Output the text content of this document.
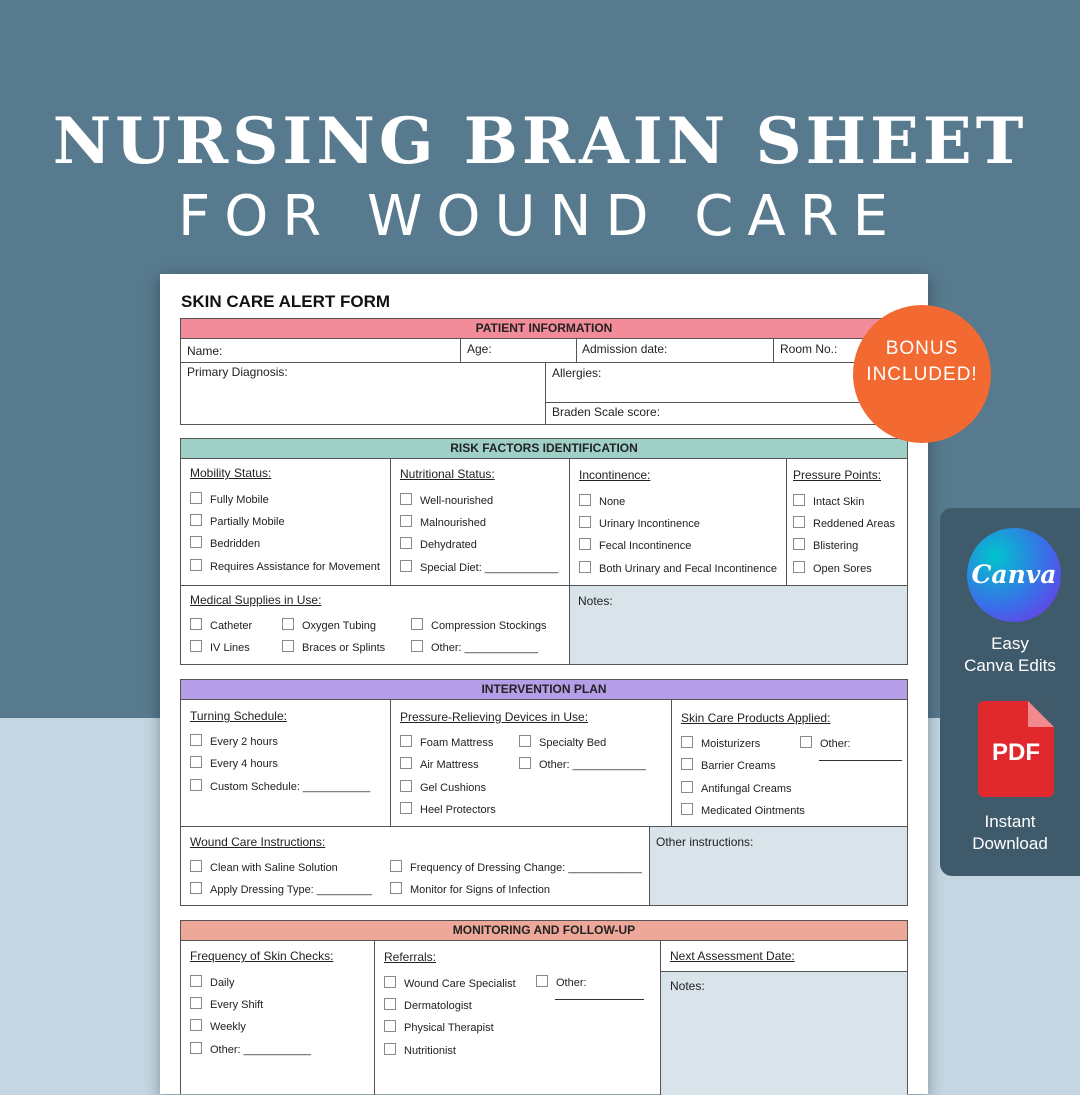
NURSING BRAIN SHEET
FOR WOUND CARE
SKIN CARE ALERT FORM
PATIENT INFORMATION
Name:	Age:	Admission date:	Room No.:
Primary Diagnosis:	Allergies:
Braden Scale score:
RISK FACTORS IDENTIFICATION
Mobility Status:
Fully Mobile
Partially Mobile
Bedridden
Requires Assistance for Movement
Nutritional Status:
Well-nourished
Malnourished
Dehydrated
Special Diet: ____________
Incontinence:
None
Urinary Incontinence
Fecal Incontinence
Both Urinary and Fecal Incontinence
Pressure Points:
Intact Skin
Reddened Areas
Blistering
Open Sores
Medical Supplies in Use:
Catheter
IV Lines
Oxygen Tubing
Braces or Splints
Compression Stockings
Other: ____________
Notes:
INTERVENTION PLAN
Turning Schedule:
Every 2 hours
Every 4 hours
Custom Schedule: ___________
Pressure-Relieving Devices in Use:
Foam Mattress
Air Mattress
Gel Cushions
Heel Protectors
Specialty Bed
Other: ____________
Skin Care Products Applied:
Moisturizers
Barrier Creams
Antifungal Creams
Medicated Ointments
Other:
Wound Care Instructions:
Clean with Saline Solution
Apply Dressing Type: _________
Frequency of Dressing Change: ____________
Monitor for Signs of Infection
Other instructions:
MONITORING AND FOLLOW-UP
Frequency of Skin Checks:
Daily
Every Shift
Weekly
Other: ___________
Referrals:
Wound Care Specialist
Dermatologist
Physical Therapist
Nutritionist
Other:
Next Assessment Date:
Notes:
BONUS
INCLUDED!
Canva
Easy
Canva Edits
PDF
Instant
Download
